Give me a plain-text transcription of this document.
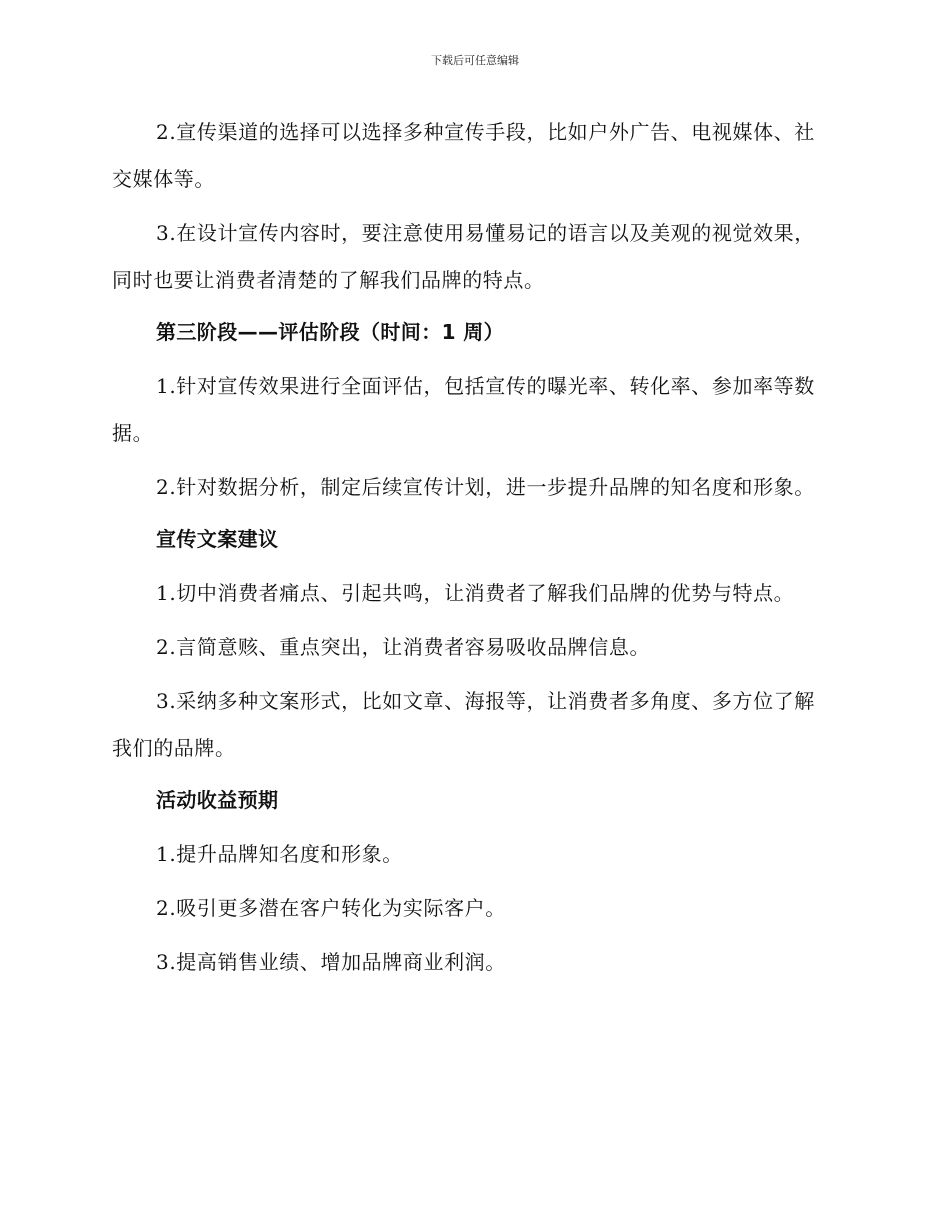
下载后可任意编辑

2.宣传渠道的选择可以选择多种宣传手段，比如户外广告、电视媒体、社交媒体等。

3.在设计宣传内容时，要注意使用易懂易记的语言以及美观的视觉效果，同时也要让消费者清楚的了解我们品牌的特点。

第三阶段——评估阶段（时间：1 周）

1.针对宣传效果进行全面评估，包括宣传的曝光率、转化率、参加率等数据。

2.针对数据分析，制定后续宣传计划，进一步提升品牌的知名度和形象。

宣传文案建议

1.切中消费者痛点、引起共鸣，让消费者了解我们品牌的优势与特点。

2.言简意赅、重点突出，让消费者容易吸收品牌信息。

3.采纳多种文案形式，比如文章、海报等，让消费者多角度、多方位了解我们的品牌。

活动收益预期

1.提升品牌知名度和形象。

2.吸引更多潜在客户转化为实际客户。

3.提高销售业绩、增加品牌商业利润。
